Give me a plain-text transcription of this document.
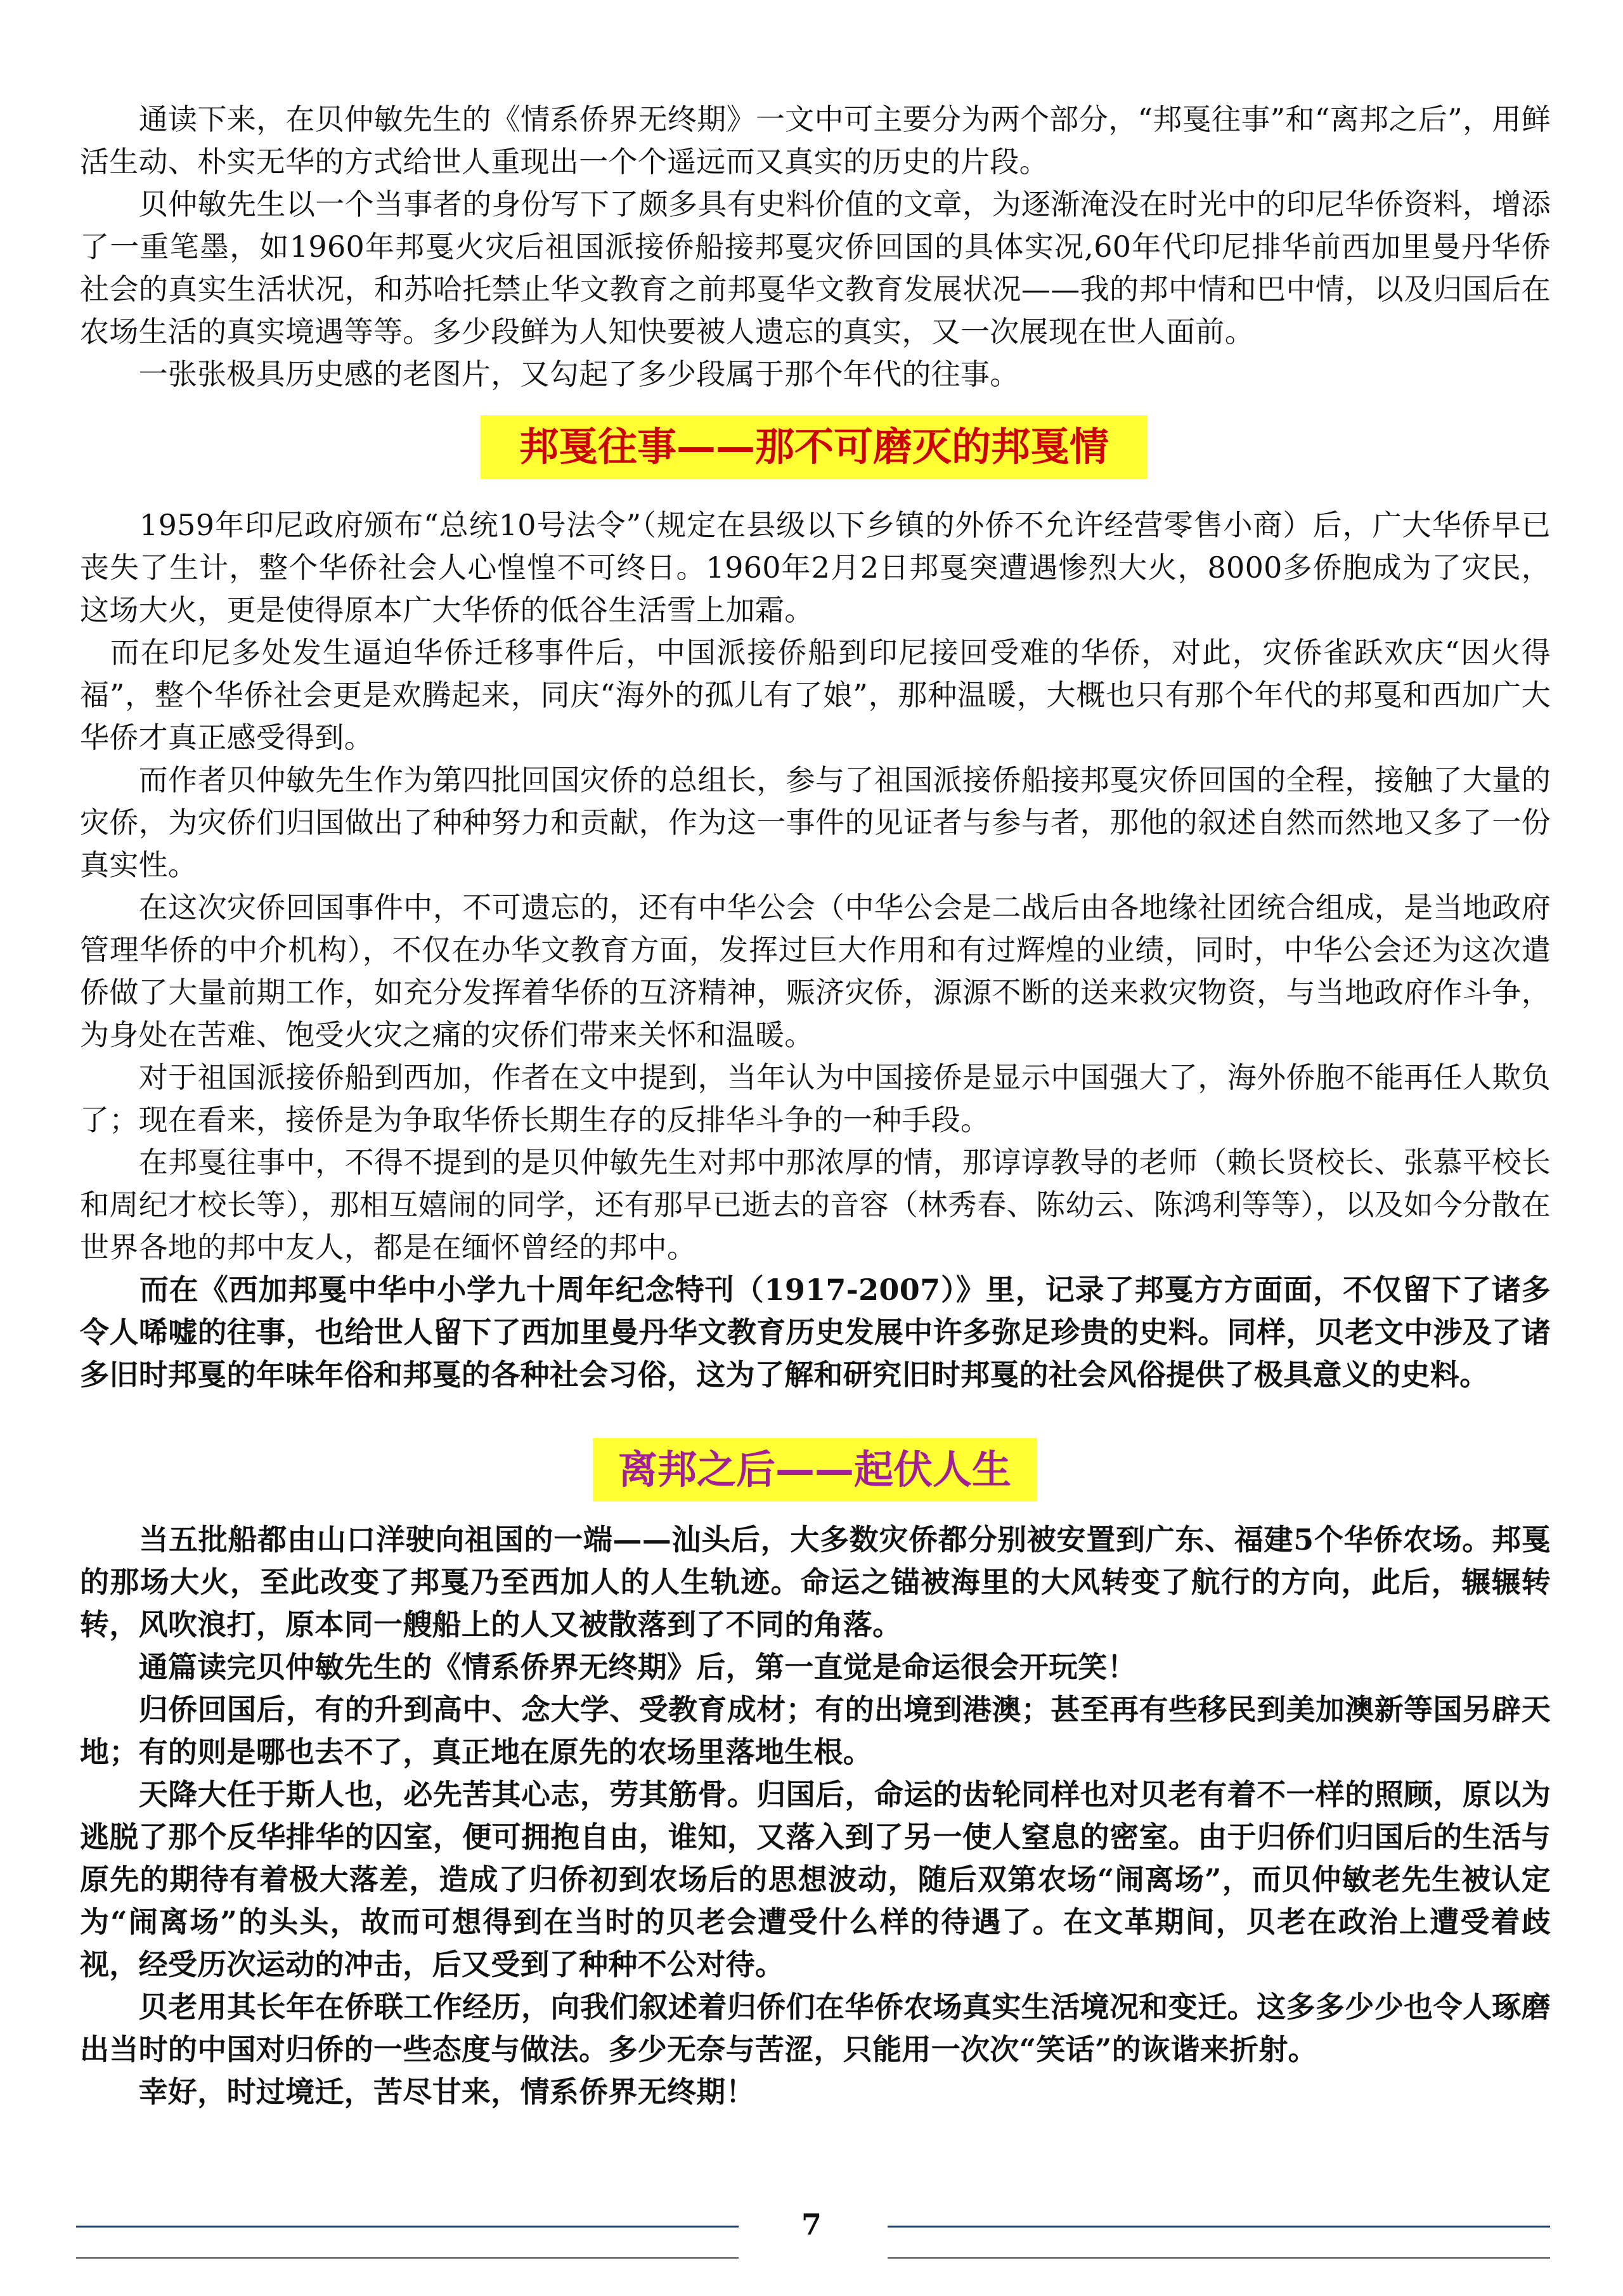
　　通读下来，在贝仲敏先生的《情系侨界无终期》一文中可主要分为两个部分，“邦戛往事”和“离邦之后”，用鲜活生动、朴实无华的方式给世人重现出一个个遥远而又真实的历史的片段。

　　贝仲敏先生以一个当事者的身份写下了颇多具有史料价值的文章，为逐渐淹没在时光中的印尼华侨资料，增添了一重笔墨，如1960年邦戛火灾后祖国派接侨船接邦戛灾侨回国的具体实况,60年代印尼排华前西加里曼丹华侨社会的真实生活状况，和苏哈托禁止华文教育之前邦戛华文教育发展状况——我的邦中情和巴中情，以及归国后在农场生活的真实境遇等等。多少段鲜为人知快要被人遗忘的真实，又一次展现在世人面前。

　　一张张极具历史感的老图片，又勾起了多少段属于那个年代的往事。

邦戛往事——那不可磨灭的邦戛情

　　1959年印尼政府颁布“总统10号法令”（规定在县级以下乡镇的外侨不允许经营零售小商）后，广大华侨早已丧失了生计，整个华侨社会人心惶惶不可终日。1960年2月2日邦戛突遭遇惨烈大火，8000多侨胞成为了灾民，这场大火，更是使得原本广大华侨的低谷生活雪上加霜。

　而在印尼多处发生逼迫华侨迁移事件后，中国派接侨船到印尼接回受难的华侨，对此，灾侨雀跃欢庆“因火得福”，整个华侨社会更是欢腾起来，同庆“海外的孤儿有了娘”，那种温暖，大概也只有那个年代的邦戛和西加广大华侨才真正感受得到。

　　而作者贝仲敏先生作为第四批回国灾侨的总组长，参与了祖国派接侨船接邦戛灾侨回国的全程，接触了大量的灾侨，为灾侨们归国做出了种种努力和贡献，作为这一事件的见证者与参与者，那他的叙述自然而然地又多了一份真实性。

　　在这次灾侨回国事件中，不可遗忘的，还有中华公会（中华公会是二战后由各地缘社团统合组成，是当地政府管理华侨的中介机构），不仅在办华文教育方面，发挥过巨大作用和有过辉煌的业绩，同时，中华公会还为这次遣侨做了大量前期工作，如充分发挥着华侨的互济精神，赈济灾侨，源源不断的送来救灾物资，与当地政府作斗争，为身处在苦难、饱受火灾之痛的灾侨们带来关怀和温暖。

　　对于祖国派接侨船到西加，作者在文中提到，当年认为中国接侨是显示中国强大了，海外侨胞不能再任人欺负了；现在看来，接侨是为争取华侨长期生存的反排华斗争的一种手段。

　　在邦戛往事中，不得不提到的是贝仲敏先生对邦中那浓厚的情，那谆谆教导的老师（赖长贤校长、张慕平校长和周纪才校长等），那相互嬉闹的同学，还有那早已逝去的音容（林秀春、陈幼云、陈鸿利等等），以及如今分散在世界各地的邦中友人，都是在缅怀曾经的邦中。

　　而在《西加邦戛中华中小学九十周年纪念特刊（1917-2007）》里，记录了邦戛方方面面，不仅留下了诸多令人唏嘘的往事，也给世人留下了西加里曼丹华文教育历史发展中许多弥足珍贵的史料。同样，贝老文中涉及了诸多旧时邦戛的年味年俗和邦戛的各种社会习俗，这为了解和研究旧时邦戛的社会风俗提供了极具意义的史料。

离邦之后——起伏人生

　　当五批船都由山口洋驶向祖国的一端——汕头后，大多数灾侨都分别被安置到广东、福建5个华侨农场。邦戛的那场大火，至此改变了邦戛乃至西加人的人生轨迹。命运之锚被海里的大风转变了航行的方向，此后，辗辗转转，风吹浪打，原本同一艘船上的人又被散落到了不同的角落。

　　通篇读完贝仲敏先生的《情系侨界无终期》后，第一直觉是命运很会开玩笑！

　　归侨回国后，有的升到高中、念大学、受教育成材；有的出境到港澳；甚至再有些移民到美加澳新等国另辟天地；有的则是哪也去不了，真正地在原先的农场里落地生根。

　　天降大任于斯人也，必先苦其心志，劳其筋骨。归国后，命运的齿轮同样也对贝老有着不一样的照顾，原以为逃脱了那个反华排华的囚室，便可拥抱自由，谁知，又落入到了另一使人窒息的密室。由于归侨们归国后的生活与原先的期待有着极大落差，造成了归侨初到农场后的思想波动，随后双第农场“闹离场”，而贝仲敏老先生被认定为“闹离场”的头头，故而可想得到在当时的贝老会遭受什么样的待遇了。在文革期间，贝老在政治上遭受着歧视，经受历次运动的冲击，后又受到了种种不公对待。

　　贝老用其长年在侨联工作经历，向我们叙述着归侨们在华侨农场真实生活境况和变迁。这多多少少也令人琢磨出当时的中国对归侨的一些态度与做法。多少无奈与苦涩，只能用一次次“笑话”的诙谐来折射。

　　幸好，时过境迁，苦尽甘来，情系侨界无终期！

7
